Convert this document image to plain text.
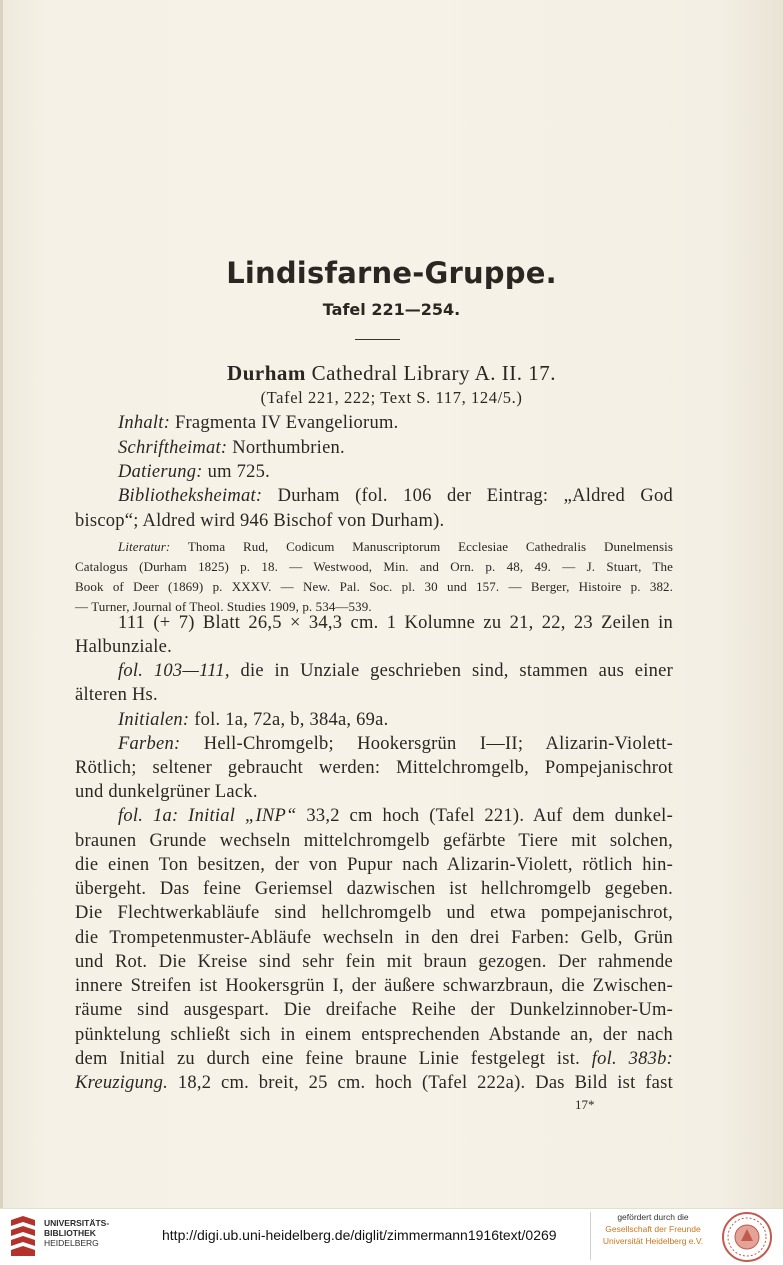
Lindisfarne-Gruppe.
Tafel 221—254.
Durham Cathedral Library A. II. 17.
(Tafel 221, 222; Text S. 117, 124/5.)
Inhalt: Fragmenta IV Evangeliorum.
Schriftheimat: Northumbrien.
Datierung: um 725.
Bibliotheksheimat: Durham (fol. 106 der Eintrag: „Aldred God
biscop“; Aldred wird 946 Bischof von Durham).
Literatur: Thoma Rud, Codicum Manuscriptorum Ecclesiae Cathedralis Dunelmensis
Catalogus (Durham 1825) p. 18. — Westwood, Min. and Orn. p. 48, 49. — J. Stuart, The
Book of Deer (1869) p. XXXV. — New. Pal. Soc. pl. 30 und 157. — Berger, Histoire p. 382.
— Turner, Journal of Theol. Studies 1909, p. 534—539.
111 (+ 7) Blatt 26,5 × 34,3 cm. 1 Kolumne zu 21, 22, 23 Zeilen in
Halbunziale.
fol. 103—111, die in Unziale geschrieben sind, stammen aus einer
älteren Hs.
Initialen: fol. 1a, 72a, b, 384a, 69a.
Farben: Hell-Chromgelb; Hookersgrün I—II; Alizarin-Violett-
Rötlich; seltener gebraucht werden: Mittelchromgelb, Pompejanischrot
und dunkelgrüner Lack.
fol. 1a: Initial „INP“ 33,2 cm hoch (Tafel 221). Auf dem dunkel-
braunen Grunde wechseln mittelchromgelb gefärbte Tiere mit solchen,
die einen Ton besitzen, der von Pupur nach Alizarin-Violett, rötlich hin-
übergeht. Das feine Geriemsel dazwischen ist hellchromgelb gegeben.
Die Flechtwerkabläufe sind hellchromgelb und etwa pompejanischrot,
die Trompetenmuster-Abläufe wechseln in den drei Farben: Gelb, Grün
und Rot. Die Kreise sind sehr fein mit braun gezogen. Der rahmende
innere Streifen ist Hookersgrün I, der äußere schwarzbraun, die Zwischen-
räume sind ausgespart. Die dreifache Reihe der Dunkelzinnober-Um-
pünktelung schließt sich in einem entsprechenden Abstande an, der nach
dem Initial zu durch eine feine braune Linie festgelegt ist. fol. 383b:
Kreuzigung. 18,2 cm. breit, 25 cm. hoch (Tafel 222a). Das Bild ist fast
17*
UNIVERSITÄTS-
BIBLIOTHEK
HEIDELBERG	http://digi.ub.uni-heidelberg.de/diglit/zimmermann1916text/0269
gefördert durch die
Gesellschaft der Freunde
Universität Heidelberg e.V.
